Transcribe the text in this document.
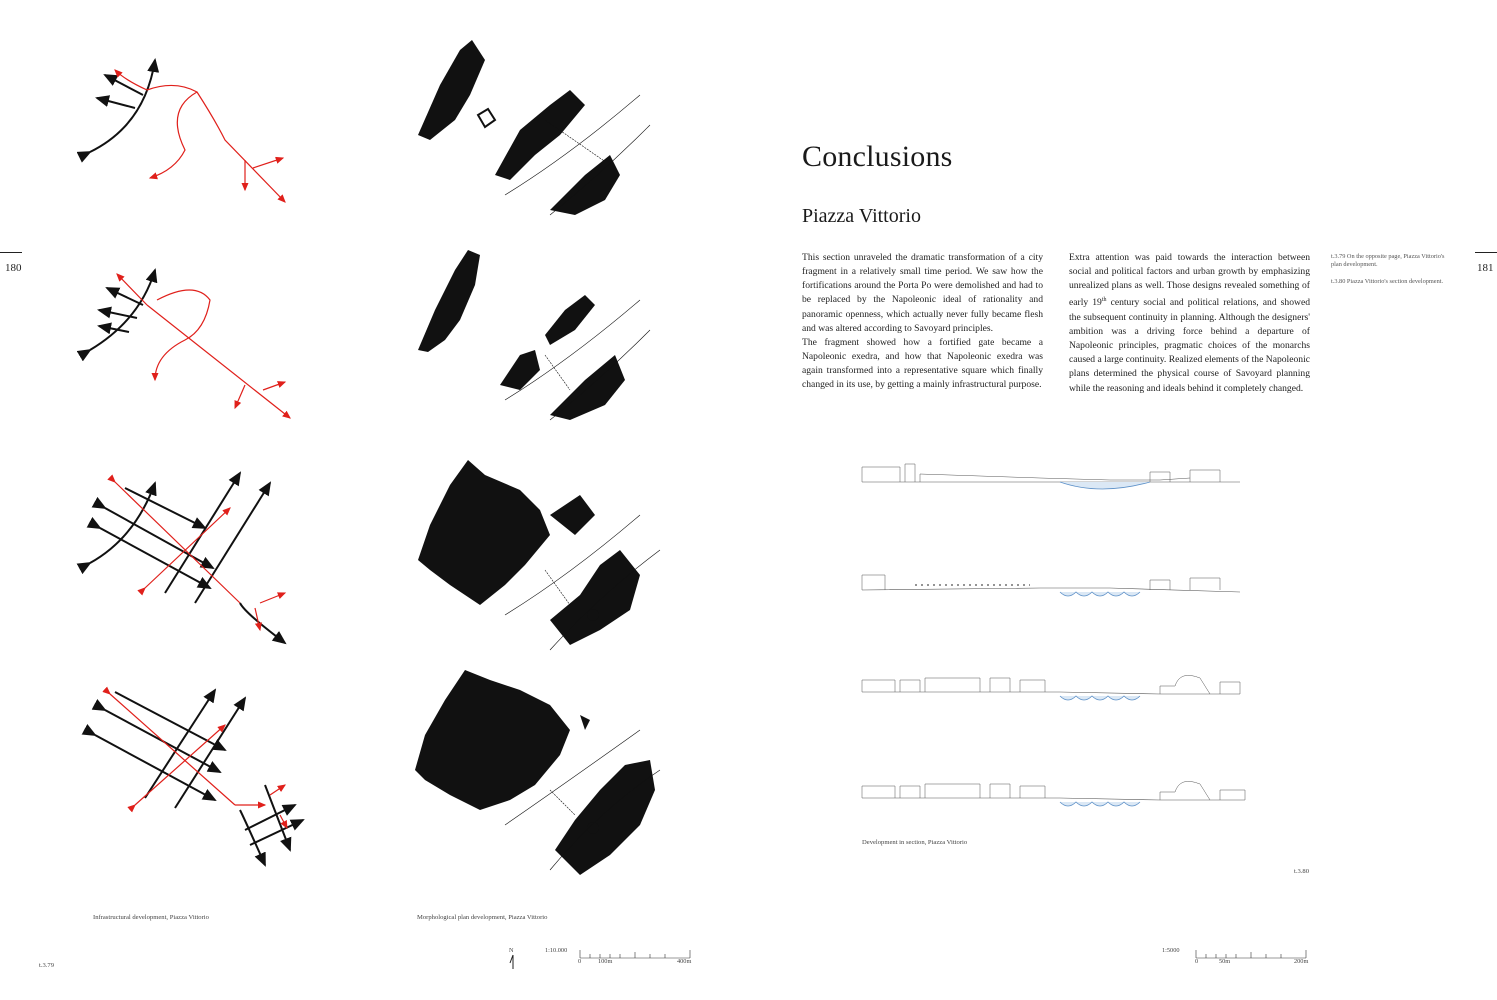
180	181
Infrastructural development, Piazza Vittorio	Morphological plan development, Piazza Vittorio
t.3.79
N	1:10.000
0	100m	400m
Conclusions
Piazza Vittorio

This section unraveled the dramatic transformation of a city fragment in a relatively small time period. We saw how the fortifications around the Porta Po were demolished and had to be replaced by the Napoleonic ideal of rationality and panoramic openness, which actually never fully became flesh and was altered according to Savoyard principles.

The fragment showed how a fortified gate became a Napoleonic exedra, and how that Napoleonic exedra was again transformed into a representative square which finally changed in its use, by getting a mainly infrastructural purpose.

Extra attention was paid towards the interaction between social and political factors and urban growth by emphasizing unrealized plans as well. Those designs revealed something of early 19th century social and political relations, and showed the subsequent continuity in planning. Although the designers' ambition was a driving force behind a departure of Napoleonic principles, pragmatic choices of the monarchs caused a large continuity. Realized elements of the Napoleonic plans determined the physical course of Savoyard planning while the reasoning and ideals behind it completely changed.

t.3.79 On the opposite page, Piazza Vittorio's plan development.
t.3.80 Piazza Vittorio's section development.
Development in section, Piazza Vittorio
t.3.80
1:5000
0	50m	200m
